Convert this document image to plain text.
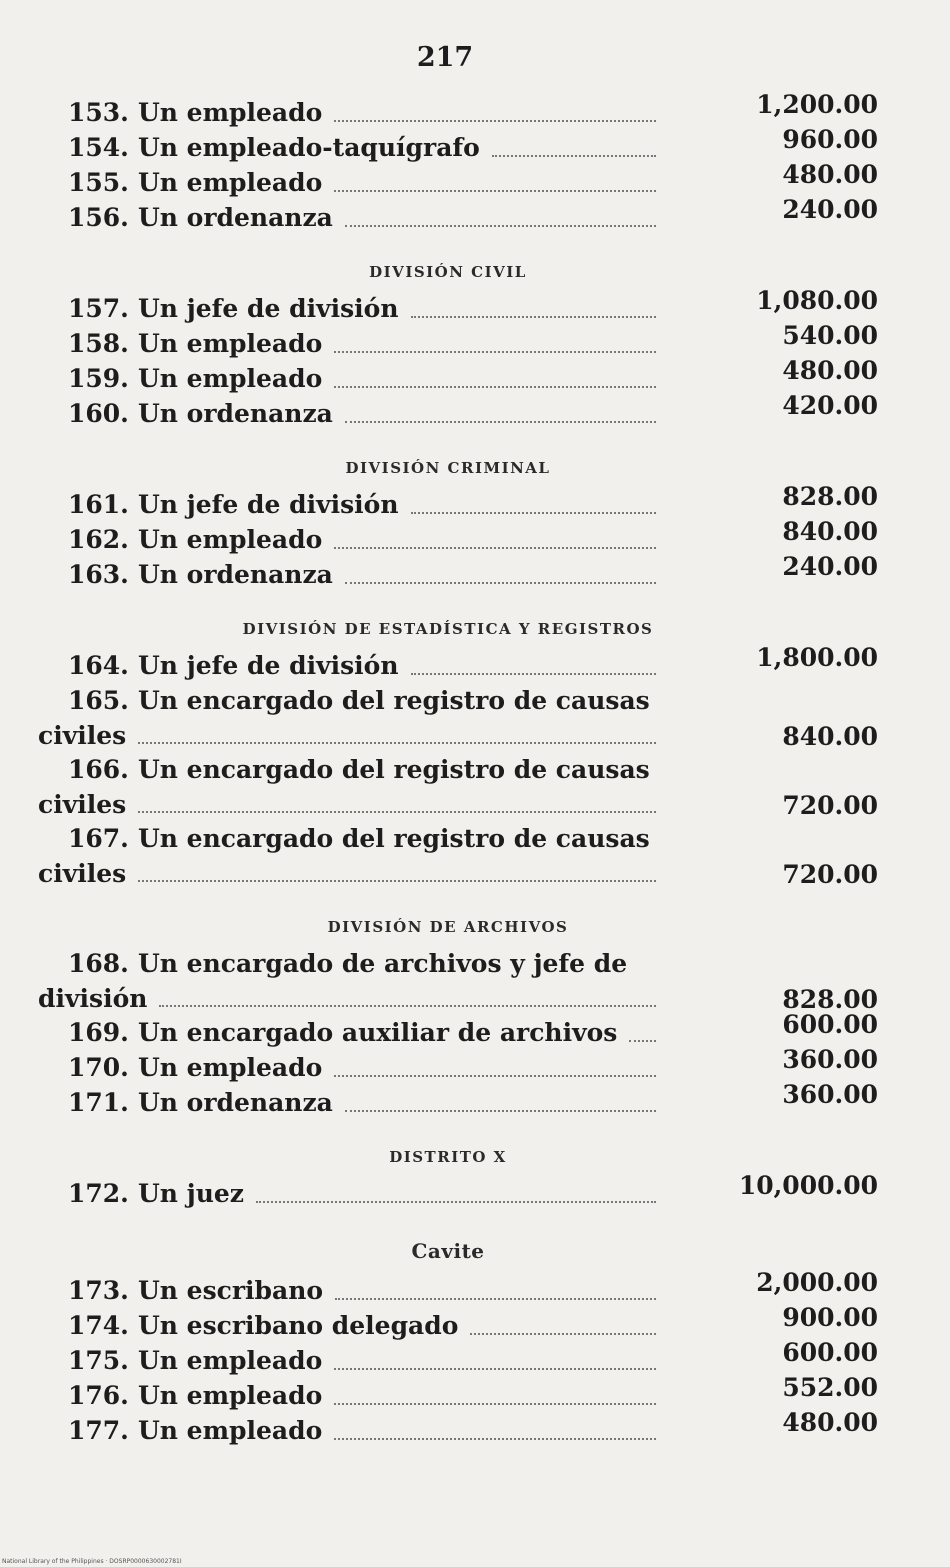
217
153. Un empleado	1,200.00
154. Un empleado-taquígrafo	960.00
155. Un empleado	480.00
156. Un ordenanza	240.00
DIVISIÓN CIVIL
157. Un jefe de división	1,080.00
158. Un empleado	540.00
159. Un empleado	480.00
160. Un ordenanza	420.00
DIVISIÓN CRIMINAL
161. Un jefe de división	828.00
162. Un empleado	840.00
163. Un ordenanza	240.00
DIVISIÓN DE ESTADÍSTICA Y REGISTROS
164. Un jefe de división	1,800.00
165. Un encargado del registro de causas
civiles	840.00
166. Un encargado del registro de causas
civiles	720.00
167. Un encargado del registro de causas
civiles	720.00
DIVISIÓN DE ARCHIVOS
168. Un encargado de archivos y jefe de
división	828.00
169. Un encargado auxiliar de archivos	600.00
170. Un empleado	360.00
171. Un ordenanza	360.00
DISTRITO X
172. Un juez	10,000.00
Cavite
173. Un escribano	2,000.00
174. Un escribano delegado	900.00
175. Un empleado	600.00
176. Un empleado	552.00
177. Un empleado	480.00
National Library of the Philippines · DOSRP0000630002781I
